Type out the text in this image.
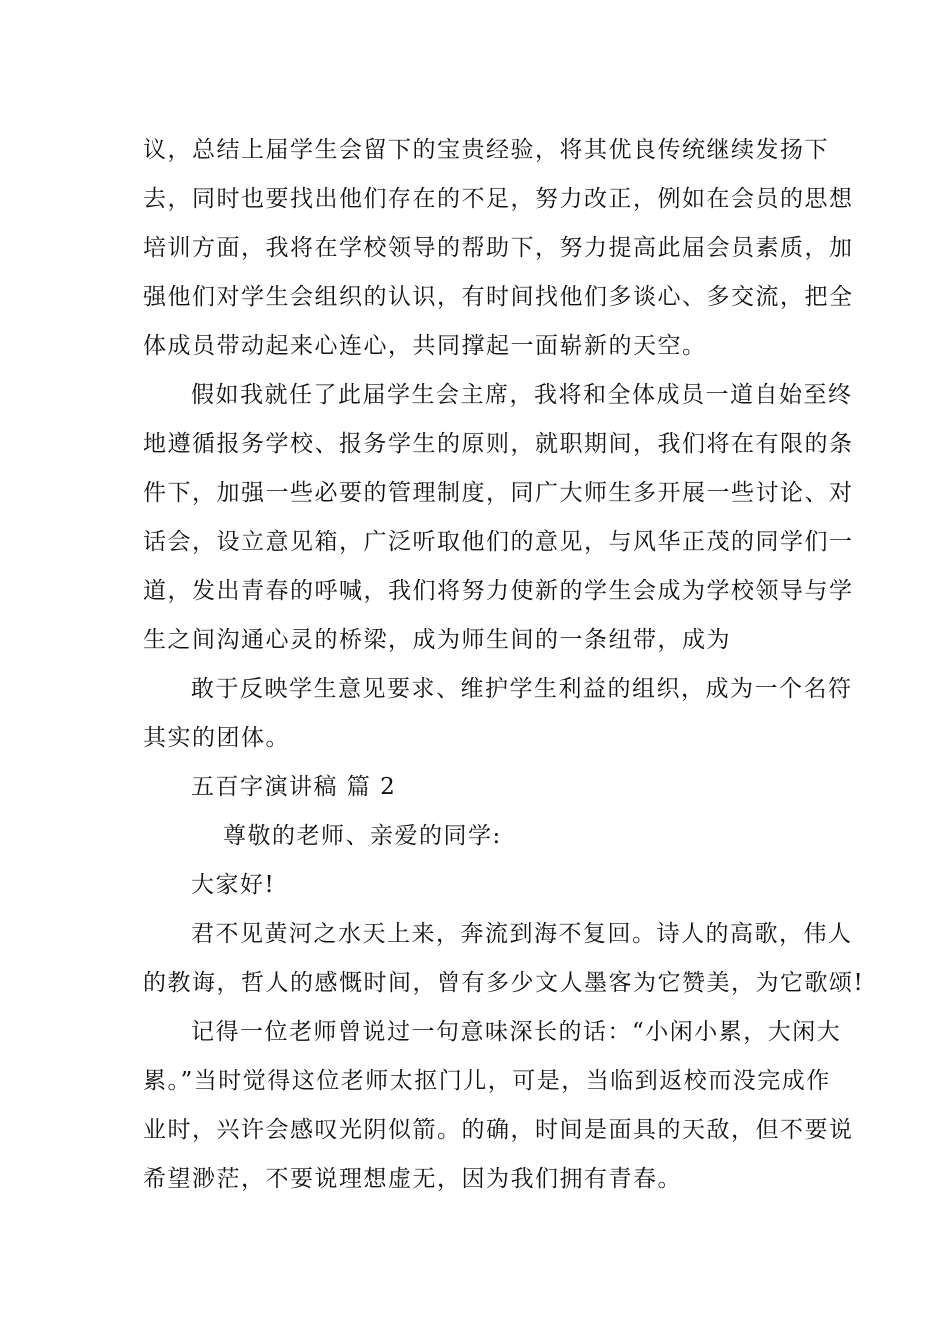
议，总结上届学生会留下的宝贵经验，将其优良传统继续发扬下
去，同时也要找出他们存在的不足，努力改正，例如在会员的思想
培训方面，我将在学校领导的帮助下，努力提高此届会员素质，加
强他们对学生会组织的认识，有时间找他们多谈心、多交流，把全
体成员带动起来心连心，共同撑起一面崭新的天空。
假如我就任了此届学生会主席，我将和全体成员一道自始至终
地遵循报务学校、报务学生的原则，就职期间，我们将在有限的条
件下，加强一些必要的管理制度，同广大师生多开展一些讨论、对
话会，设立意见箱，广泛听取他们的意见，与风华正茂的同学们一
道，发出青春的呼喊，我们将努力使新的学生会成为学校领导与学
生之间沟通心灵的桥梁，成为师生间的一条纽带，成为
敢于反映学生意见要求、维护学生利益的组织，成为一个名符
其实的团体。
五百字演讲稿 篇 2
尊敬的老师、亲爱的同学:
大家好!
君不见黄河之水天上来，奔流到海不复回。诗人的高歌，伟人
的教诲，哲人的感慨时间，曾有多少文人墨客为它赞美，为它歌颂!
记得一位老师曾说过一句意味深长的话：“小闲小累，大闲大
累。”当时觉得这位老师太抠门儿，可是，当临到返校而没完成作
业时，兴许会感叹光阴似箭。的确，时间是面具的天敌，但不要说
希望渺茫，不要说理想虚无，因为我们拥有青春。
